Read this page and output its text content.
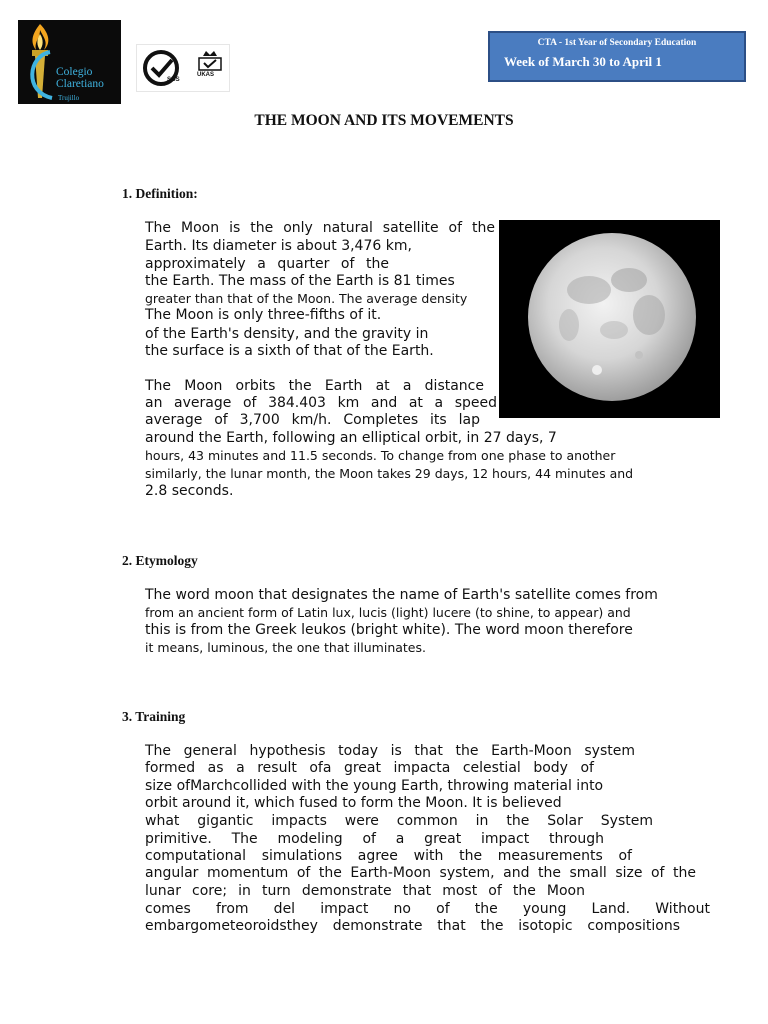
Colegio
Claretiano
Trujillo
SGS
UKAS
CTA - 1st Year of Secondary Education
Week of March 30 to April 1
THE MOON AND ITS MOVEMENTS
1. Definition:
The Moon is the only natural satellite of the
Earth. Its diameter is about 3,476 km,
approximately a quarter of the
the Earth. The mass of the Earth is 81 times
greater than that of the Moon. The average density
The Moon is only three-fifths of it.
of the Earth's density, and the gravity in
the surface is a sixth of that of the Earth.
The Moon orbits the Earth at a distance
an average of 384.403 km and at a speed
average of 3,700 km/h. Completes its lap
around the Earth, following an elliptical orbit, in 27 days, 7
hours, 43 minutes and 11.5 seconds. To change from one phase to another
similarly, the lunar month, the Moon takes 29 days, 12 hours, 44 minutes and
2.8 seconds.
2. Etymology
The word moon that designates the name of Earth's satellite comes from
from an ancient form of Latin lux, lucis (light) lucere (to shine, to appear) and
this is from the Greek leukos (bright white). The word moon therefore
it means, luminous, the one that illuminates.
3. Training
The general hypothesis today is that the Earth-Moon system
formed as a result ofa great impacta celestial body of
size ofMarchcollided with the young Earth, throwing material into
orbit around it, which fused to form the Moon. It is believed
what gigantic impacts were common in the Solar System
primitive. The modeling of a great impact through
computational simulations agree with the measurements of
angular momentum of the Earth-Moon system, and the small size of the
lunar core; in turn demonstrate that most of the Moon
comes from del impact no of the young Land. Without
embargometeoroidsthey demonstrate that the isotopic compositions
